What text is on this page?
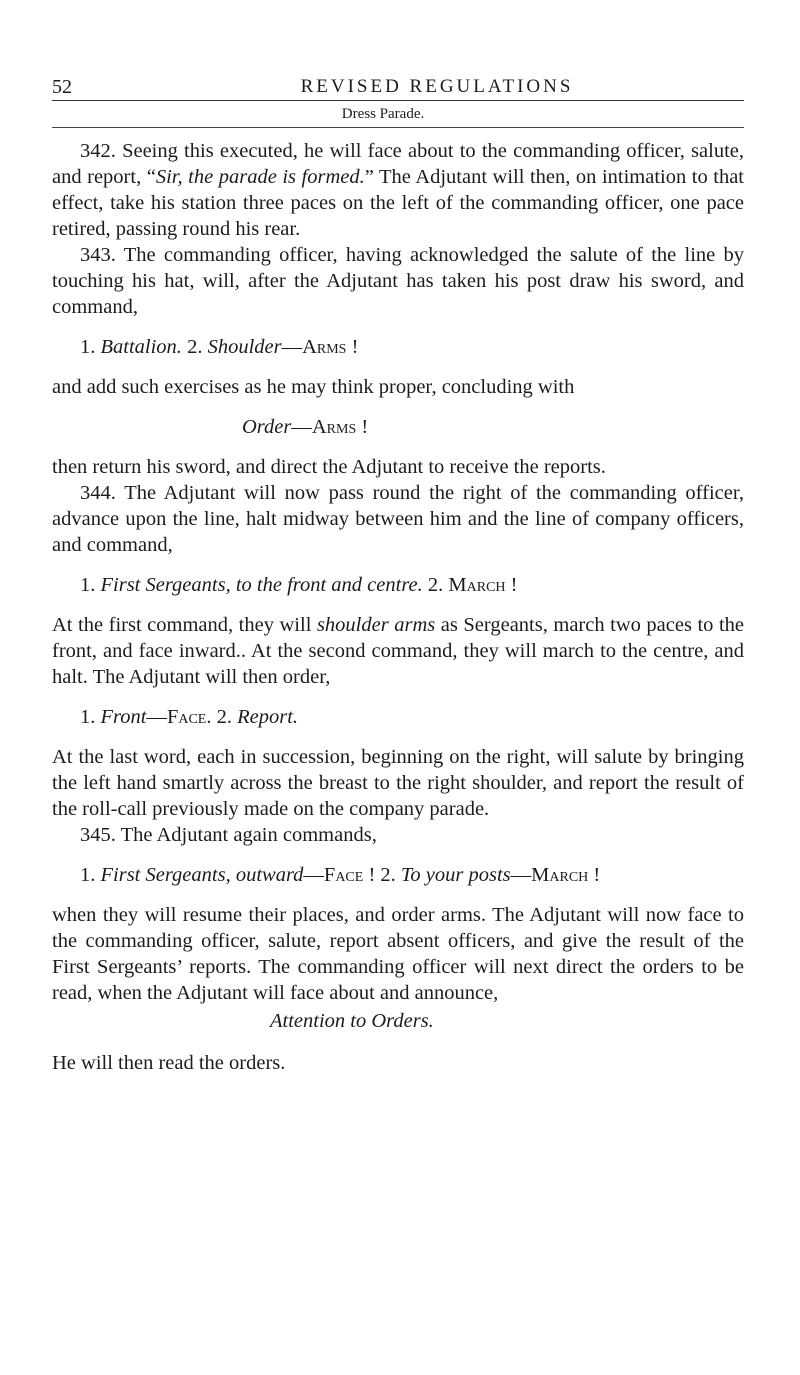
52	REVISED REGULATIONS
Dress Parade.

342. Seeing this executed, he will face about to the commanding officer, salute, and report, “Sir, the parade is formed.” The Adjutant will then, on intimation to that effect, take his station three paces on the left of the commanding officer, one pace retired, passing round his rear.

343. The commanding officer, having acknowledged the salute of the line by touching his hat, will, after the Adjutant has taken his post draw his sword, and command,

1. Battalion. 2. Shoulder—Arms !

and add such exercises as he may think proper, concluding with

Order—Arms !

then return his sword, and direct the Adjutant to receive the reports.

344. The Adjutant will now pass round the right of the commanding officer, advance upon the line, halt midway between him and the line of company officers, and command,

1. First Sergeants, to the front and centre. 2. March !

At the first command, they will shoulder arms as Sergeants, march two paces to the front, and face inward.. At the second command, they will march to the centre, and halt. The Adjutant will then order,

1. Front—Face. 2. Report.

At the last word, each in succession, beginning on the right, will salute by bringing the left hand smartly across the breast to the right shoulder, and report the result of the roll-call previously made on the company parade.

345. The Adjutant again commands,

1. First Sergeants, outward—Face ! 2. To your posts—March !

when they will resume their places, and order arms. The Adjutant will now face to the commanding officer, salute, report absent officers, and give the result of the First Sergeants’ reports. The commanding officer will next direct the orders to be read, when the Adjutant will face about and announce,

Attention to Orders.

He will then read the orders.
